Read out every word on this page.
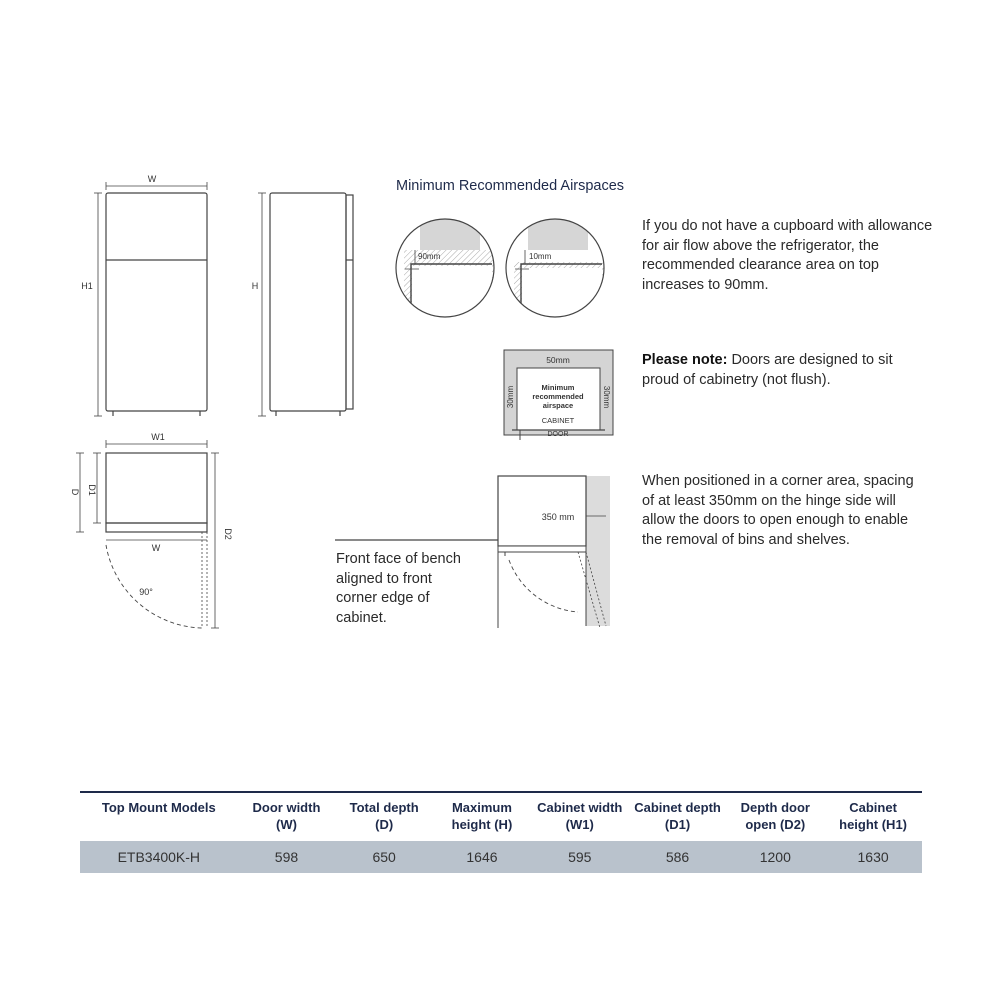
W
H1	H
W1
D D1
W
D2
90°
90mm	10mm
50mm
30mm	30mm
Minimum
recommended
airspace
CABINET
DOOR
350 mm
Minimum Recommended Airspaces
If you do not have a cupboard with allowance for air flow above the refrigerator, the recommended clearance area on top increases to 90mm.
Please note: Doors are designed to sit proud of cabinetry (not flush).
When positioned in a corner area, spacing of at least 350mm on the hinge side will allow the doors to open enough to enable the removal of bins and shelves.
Front face of bench aligned to front corner edge of cabinet.
Top Mount Models	Door width (W)	Total depth (D)	Maximum height (H)	Cabinet width (W1)	Cabinet depth (D1)	Depth door open (D2)	Cabinet height (H1)
ETB3400K-H	598	650	1646	595	586	1200	1630
